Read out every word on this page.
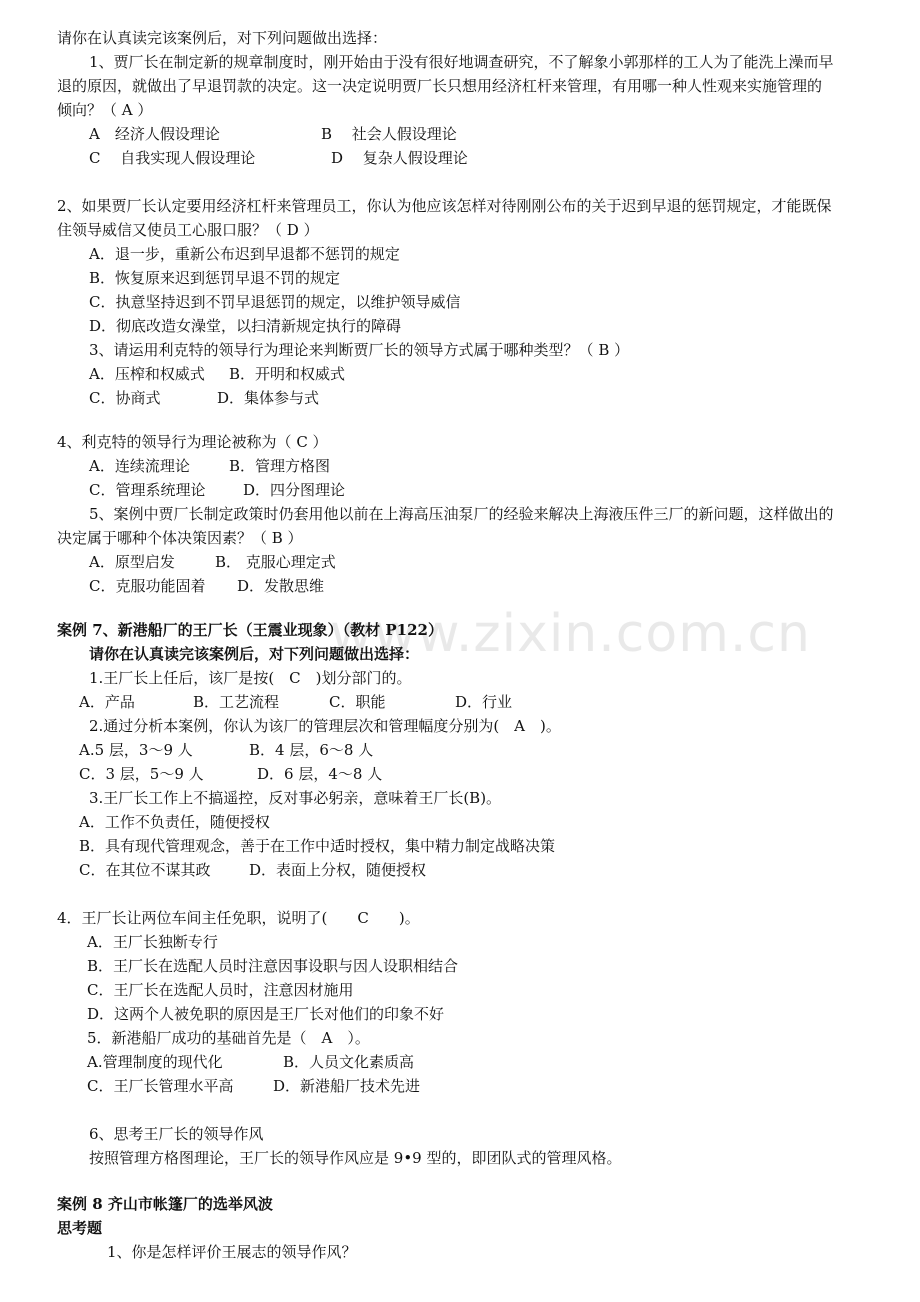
www.zixin.com.cn
请你在认真读完该案例后，对下列问题做出选择：
1、贾厂长在制定新的规章制度时，刚开始由于没有很好地调查研究，不了解象小郭那样的工人为了能洗上澡而早
退的原因，就做出了早退罚款的决定。这一决定说明贾厂长只想用经济杠杆来管理，有用哪一种人性观来实施管理的
倾向？（ A ）
A　经济人假设理论	B　 社会人假设理论
C　 自我实现人假设理论	D　 复杂人假设理论
2、如果贾厂长认定要用经济杠杆来管理员工，你认为他应该怎样对待刚刚公布的关于迟到早退的惩罚规定，才能既保
住领导威信又使员工心服口服？（ D ）
A．退一步，重新公布迟到早退都不惩罚的规定
B．恢复原来迟到惩罚早退不罚的规定
C．执意坚持迟到不罚早退惩罚的规定，以维护领导威信
D．彻底改造女澡堂，以扫清新规定执行的障碍
3、请运用利克特的领导行为理论来判断贾厂长的领导方式属于哪种类型？（ B ）
A．压榨和权威式 B．开明和权威式
C．协商式	D．集体参与式
4、利克特的领导行为理论被称为（ C ）
A．连续流理论	B．管理方格图
C．管理系统理论	D．四分图理论
5、案例中贾厂长制定政策时仍套用他以前在上海高压油泵厂的经验来解决上海液压件三厂的新问题，这样做出的
决定属于哪种个体决策因素？（ B ）
A．原型启发	B． 克服心理定式
C．克服功能固着 D．发散思维
案例 7、新港船厂的王厂长（王震业现象）（教材 P122）
请你在认真读完该案例后，对下列问题做出选择：
1.王厂长上任后，该厂是按(　C　)划分部门的。
A．产品	B．工艺流程	C．职能	D．行业
2.通过分析本案例，你认为该厂的管理层次和管理幅度分别为(　A　)。
A.5 层，3～9 人	B．4 层，6～8 人
C．3 层，5～9 人	D．6 层，4～8 人
3.王厂长工作上不搞遥控，反对事必躬亲，意味着王厂长(B)。
A．工作不负责任，随便授权
B．具有现代管理观念，善于在工作中适时授权，集中精力制定战略决策
C．在其位不谋其政	D．表面上分权，随便授权
4．王厂长让两位车间主任免职，说明了(　　C　　)。
A．王厂长独断专行
B．王厂长在选配人员时注意因事设职与因人设职相结合
C．王厂长在选配人员时，注意因材施用
D．这两个人被免职的原因是王厂长对他们的印象不好
5．新港船厂成功的基础首先是（　A　）。
A.管理制度的现代化	B．人员文化素质高
C．王厂长管理水平高	D．新港船厂技术先进
6、思考王厂长的领导作风
按照管理方格图理论，王厂长的领导作风应是 9•9 型的，即团队式的管理风格。
案例 8 齐山市帐篷厂的选举风波
思考题
1、你是怎样评价王展志的领导作风？
